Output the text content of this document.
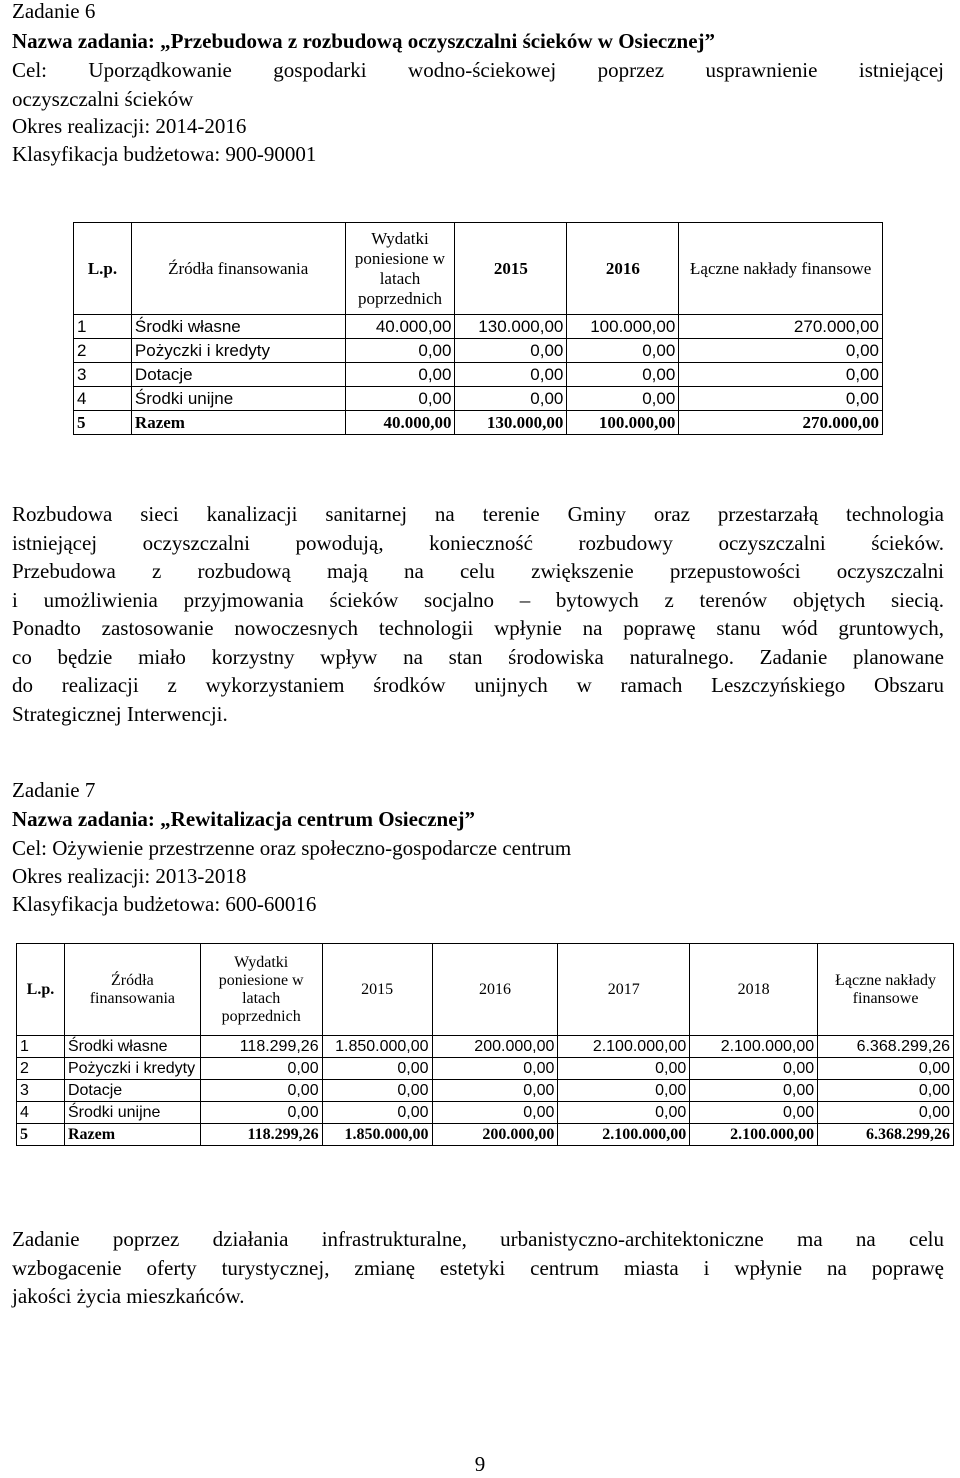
Zadanie 6
Nazwa zadania: „Przebudowa z rozbudową oczyszczalni ścieków w Osiecznej”
Cel: Uporządkowanie gospodarki wodno-ściekowej poprzez usprawnienie istniejącej
oczyszczalni ścieków
Okres realizacji: 2014-2016
Klasyfikacja budżetowa: 900-90001
L.p.	Źródła finansowania	Wydatki poniesione w latach poprzednich	2015	2016	Łączne nakłady finansowe
1	Środki własne	40.000,00	130.000,00	100.000,00	270.000,00
2	Pożyczki i kredyty	0,00	0,00	0,00	0,00
3	Dotacje	0,00	0,00	0,00	0,00
4	Środki unijne	0,00	0,00	0,00	0,00
5	Razem	40.000,00	130.000,00	100.000,00	270.000,00
Rozbudowa sieci kanalizacji sanitarnej na terenie Gminy oraz przestarzałą technologia
istniejącej oczyszczalni powodują, konieczność rozbudowy oczyszczalni ścieków.
Przebudowa z rozbudową mają na celu zwiększenie przepustowości oczyszczalni
i umożliwienia przyjmowania ścieków socjalno – bytowych z terenów objętych siecią.
Ponadto zastosowanie nowoczesnych technologii wpłynie na poprawę stanu wód gruntowych,
co będzie miało korzystny wpływ na stan środowiska naturalnego. Zadanie planowane
do realizacji z wykorzystaniem środków unijnych w ramach Leszczyńskiego Obszaru
Strategicznej Interwencji.
Zadanie 7
Nazwa zadania: „Rewitalizacja centrum Osiecznej”
Cel: Ożywienie przestrzenne oraz społeczno-gospodarcze centrum
Okres realizacji: 2013-2018
Klasyfikacja budżetowa: 600-60016
L.p.	Źródła finansowania	Wydatki poniesione w latach poprzednich	2015	2016	2017	2018	Łączne nakłady finansowe
1	Środki własne	118.299,26	1.850.000,00	200.000,00	2.100.000,00	2.100.000,00	6.368.299,26
2	Pożyczki i kredyty	0,00	0,00	0,00	0,00	0,00	0,00
3	Dotacje	0,00	0,00	0,00	0,00	0,00	0,00
4	Środki unijne	0,00	0,00	0,00	0,00	0,00	0,00
5	Razem	118.299,26	1.850.000,00	200.000,00	2.100.000,00	2.100.000,00	6.368.299,26
Zadanie poprzez działania infrastrukturalne, urbanistyczno-architektoniczne ma na celu
wzbogacenie oferty turystycznej, zmianę estetyki centrum miasta i wpłynie na poprawę
jakości życia mieszkańców.
9
